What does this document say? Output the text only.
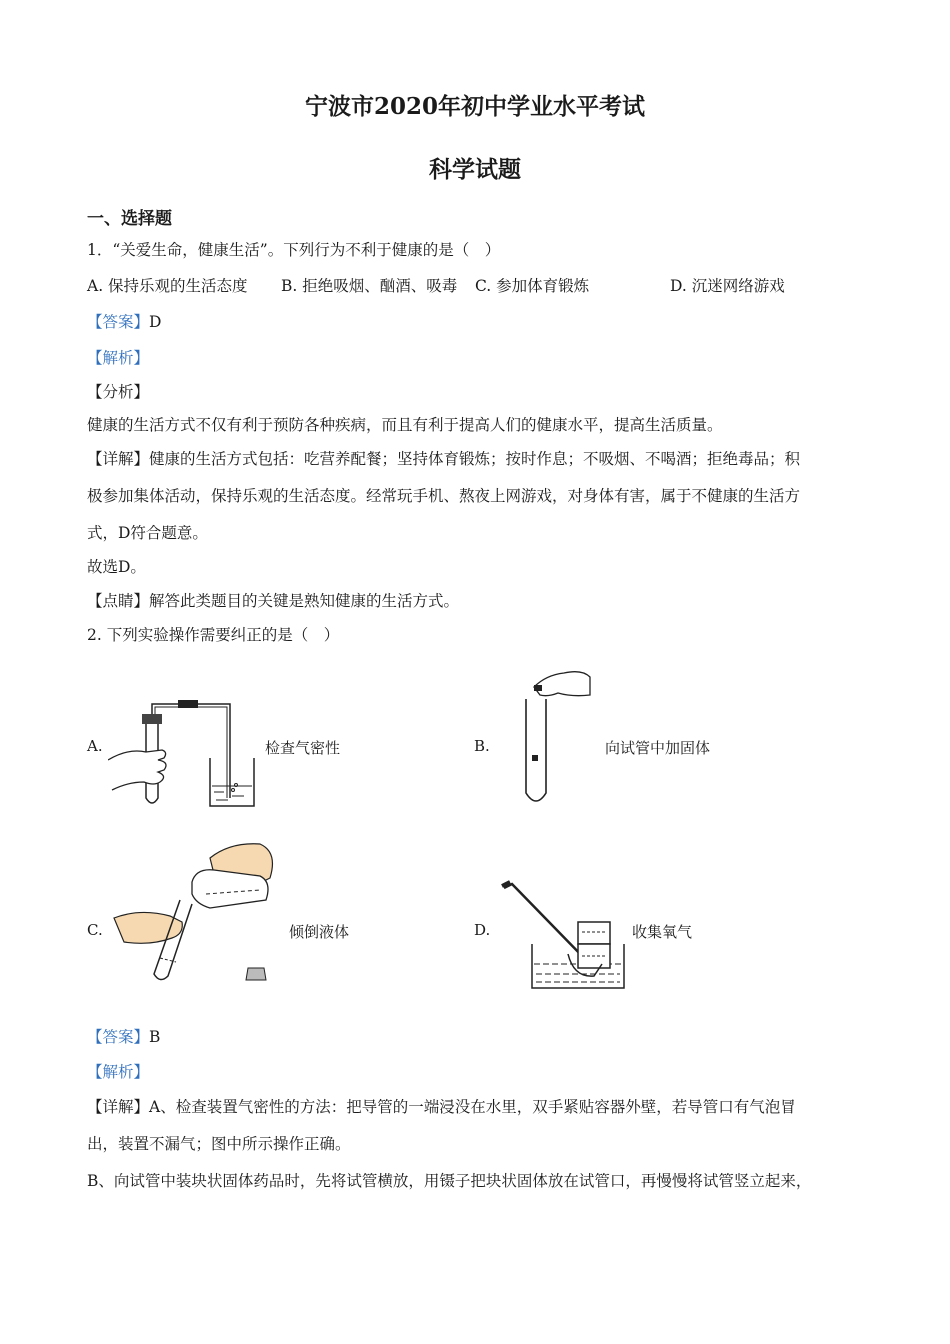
宁波市2020年初中学业水平考试
科学试题
一、选择题
1．“关爱生命，健康生活”。下列行为不利于健康的是（　）
A. 保持乐观的生活态度 B. 拒绝吸烟、酗酒、吸毒 C. 参加体育锻炼	D. 沉迷网络游戏
【答案】D
【解析】
【分析】
健康的生活方式不仅有利于预防各种疾病，而且有利于提高人们的健康水平，提高生活质量。
【详解】健康的生活方式包括：吃营养配餐；坚持体育锻炼；按时作息；不吸烟、不喝酒；拒绝毒品；积
极参加集体活动，保持乐观的生活态度。经常玩手机、熬夜上网游戏，对身体有害，属于不健康的生活方
式，D符合题意。
故选D。
【点睛】解答此类题目的关键是熟知健康的生活方式。
2. 下列实验操作需要纠正的是（　）
A.	检查气密性	B.	向试管中加固体
C.	倾倒液体	D.	收集氧气
【答案】B
【解析】
【详解】A、检查装置气密性的方法：把导管的一端浸没在水里，双手紧贴容器外壁，若导管口有气泡冒
出，装置不漏气；图中所示操作正确。
B、向试管中装块状固体药品时，先将试管横放，用镊子把块状固体放在试管口，再慢慢将试管竖立起来，
